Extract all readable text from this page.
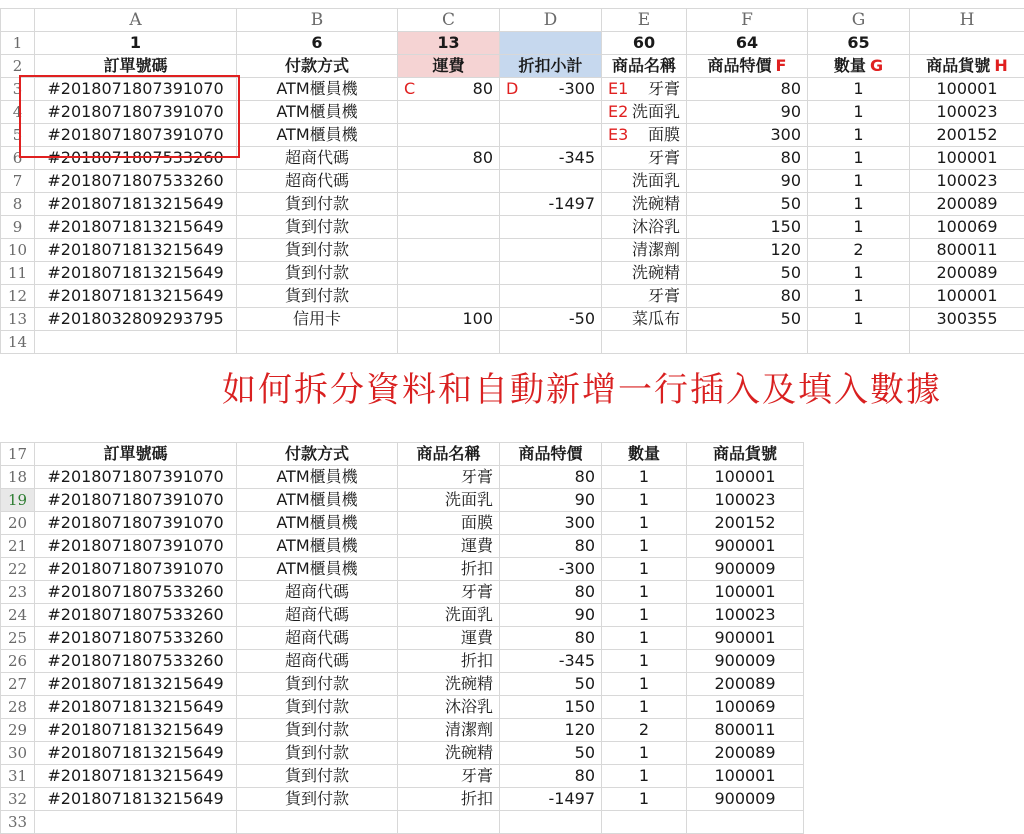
	A	B	C	D	E	F	G	H
1	1	6	13		60	64	65	
2	訂單號碼	付款方式	運費	折扣小計	商品名稱	商品特價 F	數量 G	商品貨號 H
3	#2018071807391070	ATM櫃員機	C 80	D -300	E1 牙膏	80	1	100001
4	#2018071807391070	ATM櫃員機			E2 洗面乳	90	1	100023
5	#2018071807391070	ATM櫃員機			E3 面膜	300	1	200152
6	#2018071807533260	超商代碼	80	-345	牙膏	80	1	100001
7	#2018071807533260	超商代碼			洗面乳	90	1	100023
8	#2018071813215649	貨到付款		-1497	洗碗精	50	1	200089
9	#2018071813215649	貨到付款			沐浴乳	150	1	100069
10	#2018071813215649	貨到付款			清潔劑	120	2	800011
11	#2018071813215649	貨到付款			洗碗精	50	1	200089
12	#2018071813215649	貨到付款			牙膏	80	1	100001
13	#2018032809293795	信用卡	100	-50	菜瓜布	50	1	300355
14								
如何拆分資料和自動新增一行插入及填入數據
17	訂單號碼	付款方式	商品名稱	商品特價	數量	商品貨號
18	#2018071807391070	ATM櫃員機	牙膏	80	1	100001
19	#2018071807391070	ATM櫃員機	洗面乳	90	1	100023
20	#2018071807391070	ATM櫃員機	面膜	300	1	200152
21	#2018071807391070	ATM櫃員機	運費	80	1	900001
22	#2018071807391070	ATM櫃員機	折扣	-300	1	900009
23	#2018071807533260	超商代碼	牙膏	80	1	100001
24	#2018071807533260	超商代碼	洗面乳	90	1	100023
25	#2018071807533260	超商代碼	運費	80	1	900001
26	#2018071807533260	超商代碼	折扣	-345	1	900009
27	#2018071813215649	貨到付款	洗碗精	50	1	200089
28	#2018071813215649	貨到付款	沐浴乳	150	1	100069
29	#2018071813215649	貨到付款	清潔劑	120	2	800011
30	#2018071813215649	貨到付款	洗碗精	50	1	200089
31	#2018071813215649	貨到付款	牙膏	80	1	100001
32	#2018071813215649	貨到付款	折扣	-1497	1	900009
33						
